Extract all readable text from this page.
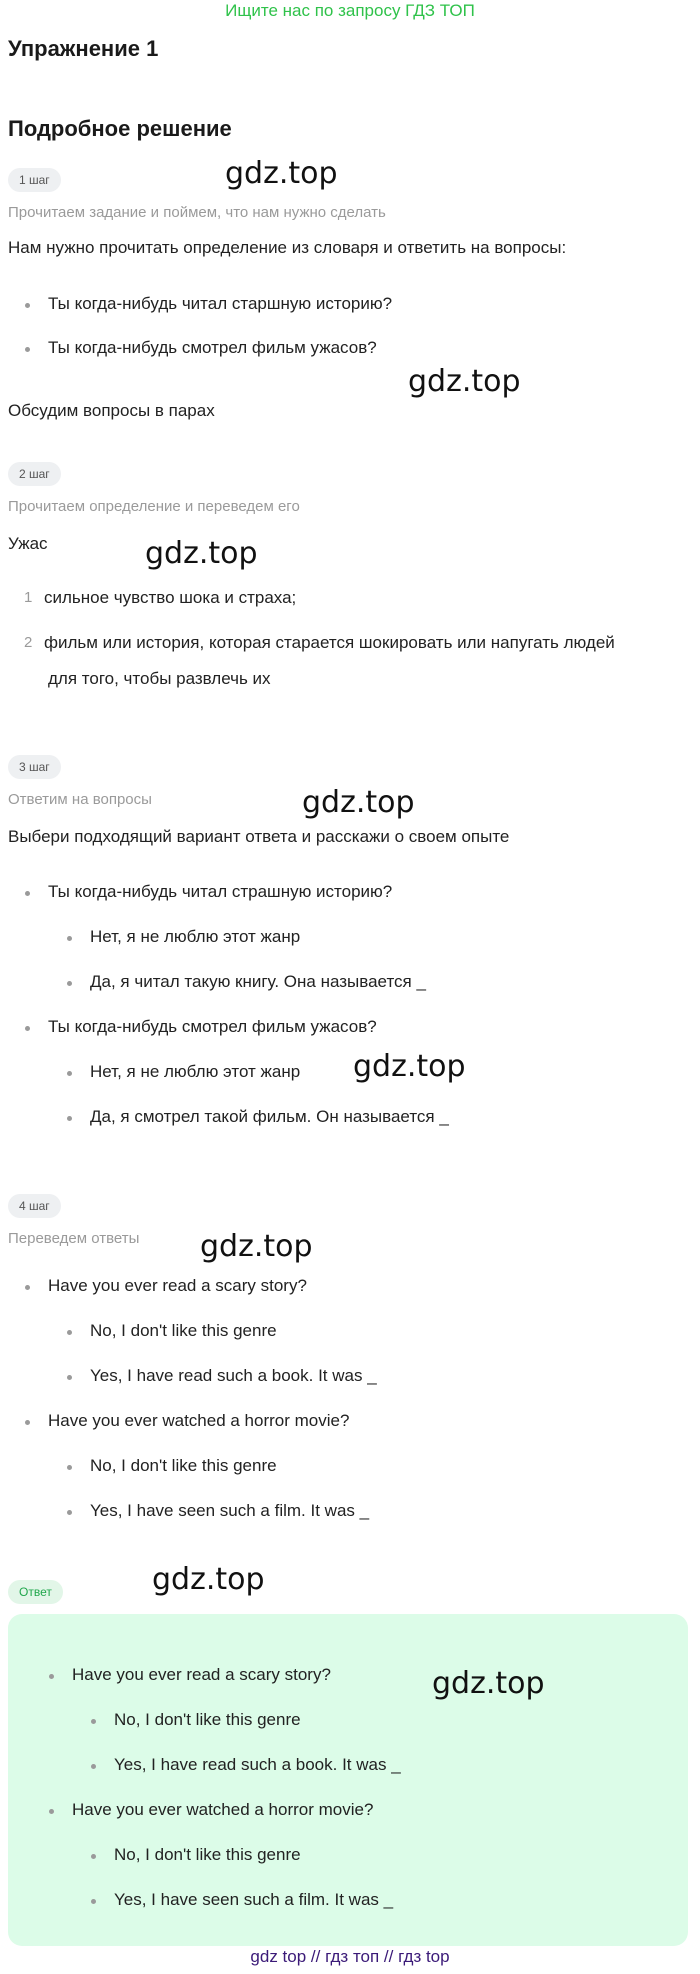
Ищите нас по запросу ГДЗ ТОП
Упражнение 1
Подробное решение
1 шаг
Прочитаем задание и поймем, что нам нужно сделать
Нам нужно прочитать определение из словаря и ответить на вопросы:
Ты когда-нибудь читал старшную историю?
Ты когда-нибудь смотрел фильм ужасов?
Обсудим вопросы в парах
2 шаг
Прочитаем определение и переведем его
Ужас
1 сильное чувство шока и страха;
2 фильм или история, которая старается шокировать или напугать людей
для того, чтобы развлечь их
3 шаг
Ответим на вопросы
Выбери подходящий вариант ответа и расскажи о своем опыте
Ты когда-нибудь читал страшную историю?
Нет, я не люблю этот жанр
Да, я читал такую книгу. Она называется _
Ты когда-нибудь смотрел фильм ужасов?
Нет, я не люблю этот жанр
Да, я смотрел такой фильм. Он называется _
4 шаг
Переведем ответы
Have you ever read a scary story?
No, I don't like this genre
Yes, I have read such a book. It was _
Have you ever watched a horror movie?
No, I don't like this genre
Yes, I have seen such a film. It was _
Ответ
Have you ever read a scary story?
No, I don't like this genre
Yes, I have read such a book. It was _
Have you ever watched a horror movie?
No, I don't like this genre
Yes, I have seen such a film. It was _
gdz.top
gdz.top
gdz.top
gdz.top
gdz.top
gdz.top
gdz.top
gdz.top
gdz top // гдз топ // гдз top
